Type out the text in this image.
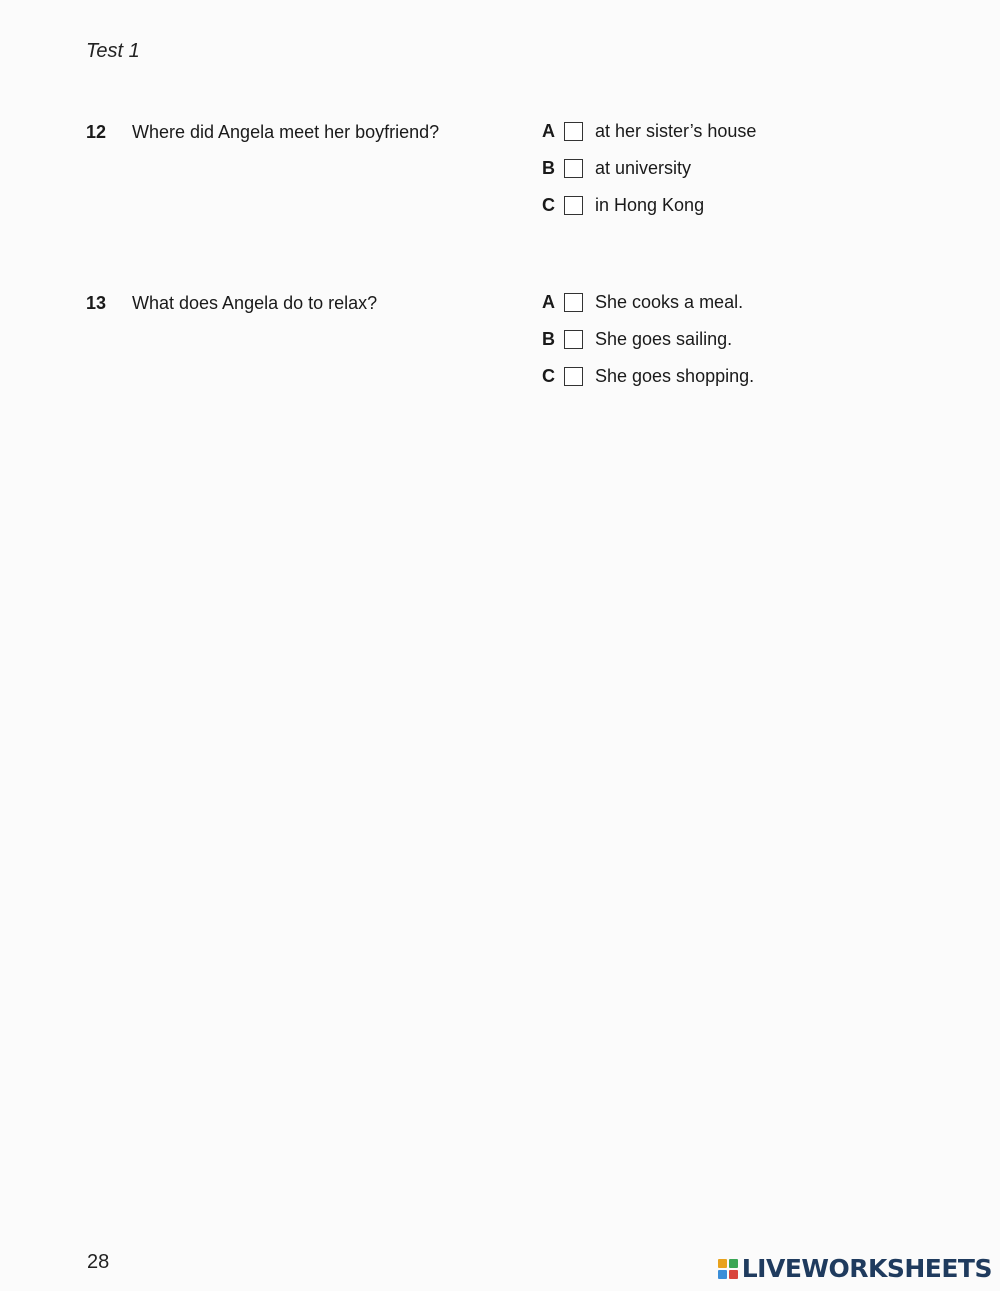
Test 1
12 Where did Angela meet her boyfriend?	A	at her sister’s house
B	at university
C	in Hong Kong
13 What does Angela do to relax?	A	She cooks a meal.
B	She goes sailing.
C	She goes shopping.
28	LIVEWORKSHEETS
